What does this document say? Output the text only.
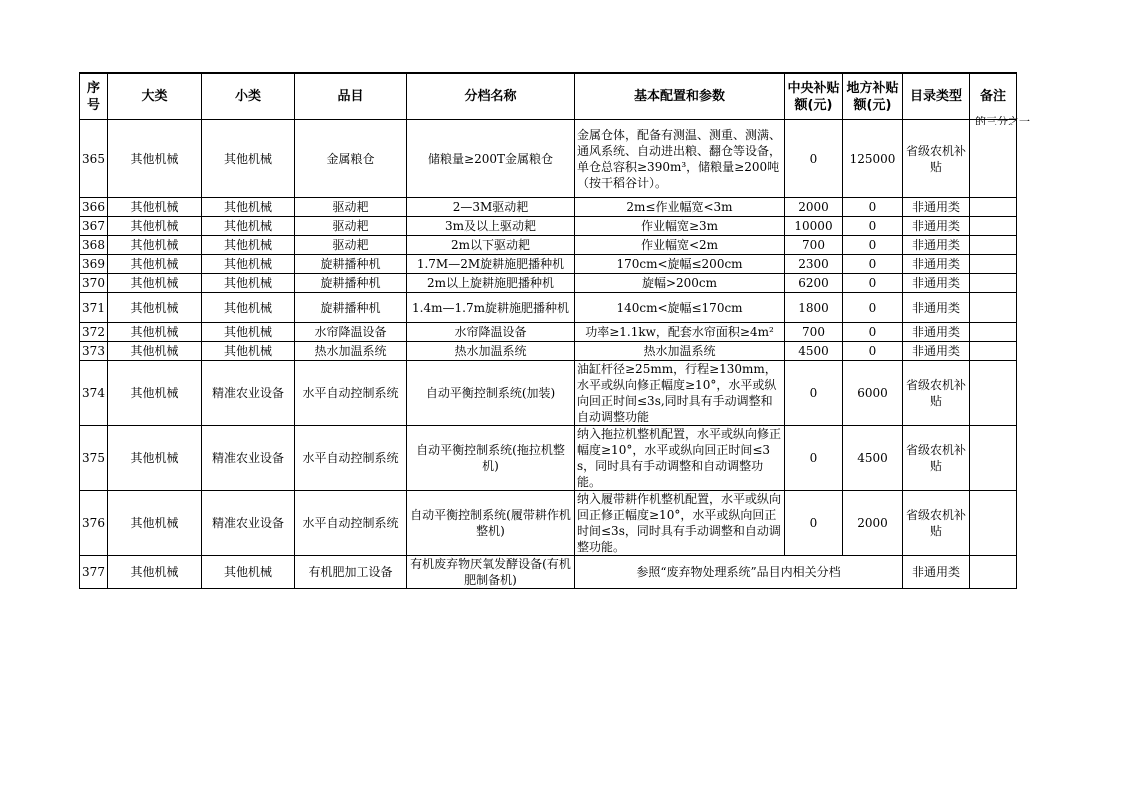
序号	大类	小类	品目	分档名称	基本配置和参数	中央补贴额(元)	地方补贴额(元)	目录类型	备注
365	其他机械	其他机械	金属粮仓	储粮量≥200T金属粮仓	金属仓体，配备有测温、测重、测满、通风系统、自动进出粮、翻仓等设备，单仓总容积≥390m³，储粮量≥200吨（按干稻谷计）。	0	125000	省级农机补贴	
366	其他机械	其他机械	驱动耙	2—3M驱动耙	2m≤作业幅宽<3m	2000	0	非通用类	
367	其他机械	其他机械	驱动耙	3m及以上驱动耙	作业幅宽≥3m	10000	0	非通用类	
368	其他机械	其他机械	驱动耙	2m以下驱动耙	作业幅宽<2m	700	0	非通用类	
369	其他机械	其他机械	旋耕播种机	1.7M—2M旋耕施肥播种机	170cm<旋幅≤200cm	2300	0	非通用类	
370	其他机械	其他机械	旋耕播种机	2m以上旋耕施肥播种机	旋幅>200cm	6200	0	非通用类	
371	其他机械	其他机械	旋耕播种机	1.4m—1.7m旋耕施肥播种机	140cm<旋幅≤170cm	1800	0	非通用类	
372	其他机械	其他机械	水帘降温设备	水帘降温设备	功率≥1.1kw，配套水帘面积≥4m²	700	0	非通用类	
373	其他机械	其他机械	热水加温系统	热水加温系统	热水加温系统	4500	0	非通用类	
374	其他机械	精准农业设备	水平自动控制系统	自动平衡控制系统(加装)	油缸杆径≥25mm，行程≥130mm，水平或纵向修正幅度≥10°，水平或纵向回正时间≤3s,同时具有手动调整和自动调整功能	0	6000	省级农机补贴	
375	其他机械	精准农业设备	水平自动控制系统	自动平衡控制系统(拖拉机整机)	纳入拖拉机整机配置，水平或纵向修正幅度≥10°，水平或纵向回正时间≤3s，同时具有手动调整和自动调整功能。	0	4500	省级农机补贴	
376	其他机械	精准农业设备	水平自动控制系统	自动平衡控制系统(履带耕作机整机)	纳入履带耕作机整机配置，水平或纵向回正修正幅度≥10°，水平或纵向回正时间≤3s，同时具有手动调整和自动调整功能。	0	2000	省级农机补贴	
377	其他机械	其他机械	有机肥加工设备	有机废弃物厌氧发酵设备(有机肥制备机)	参照“废弃物处理系统”品目内相关分档			非通用类	
的三分之一
